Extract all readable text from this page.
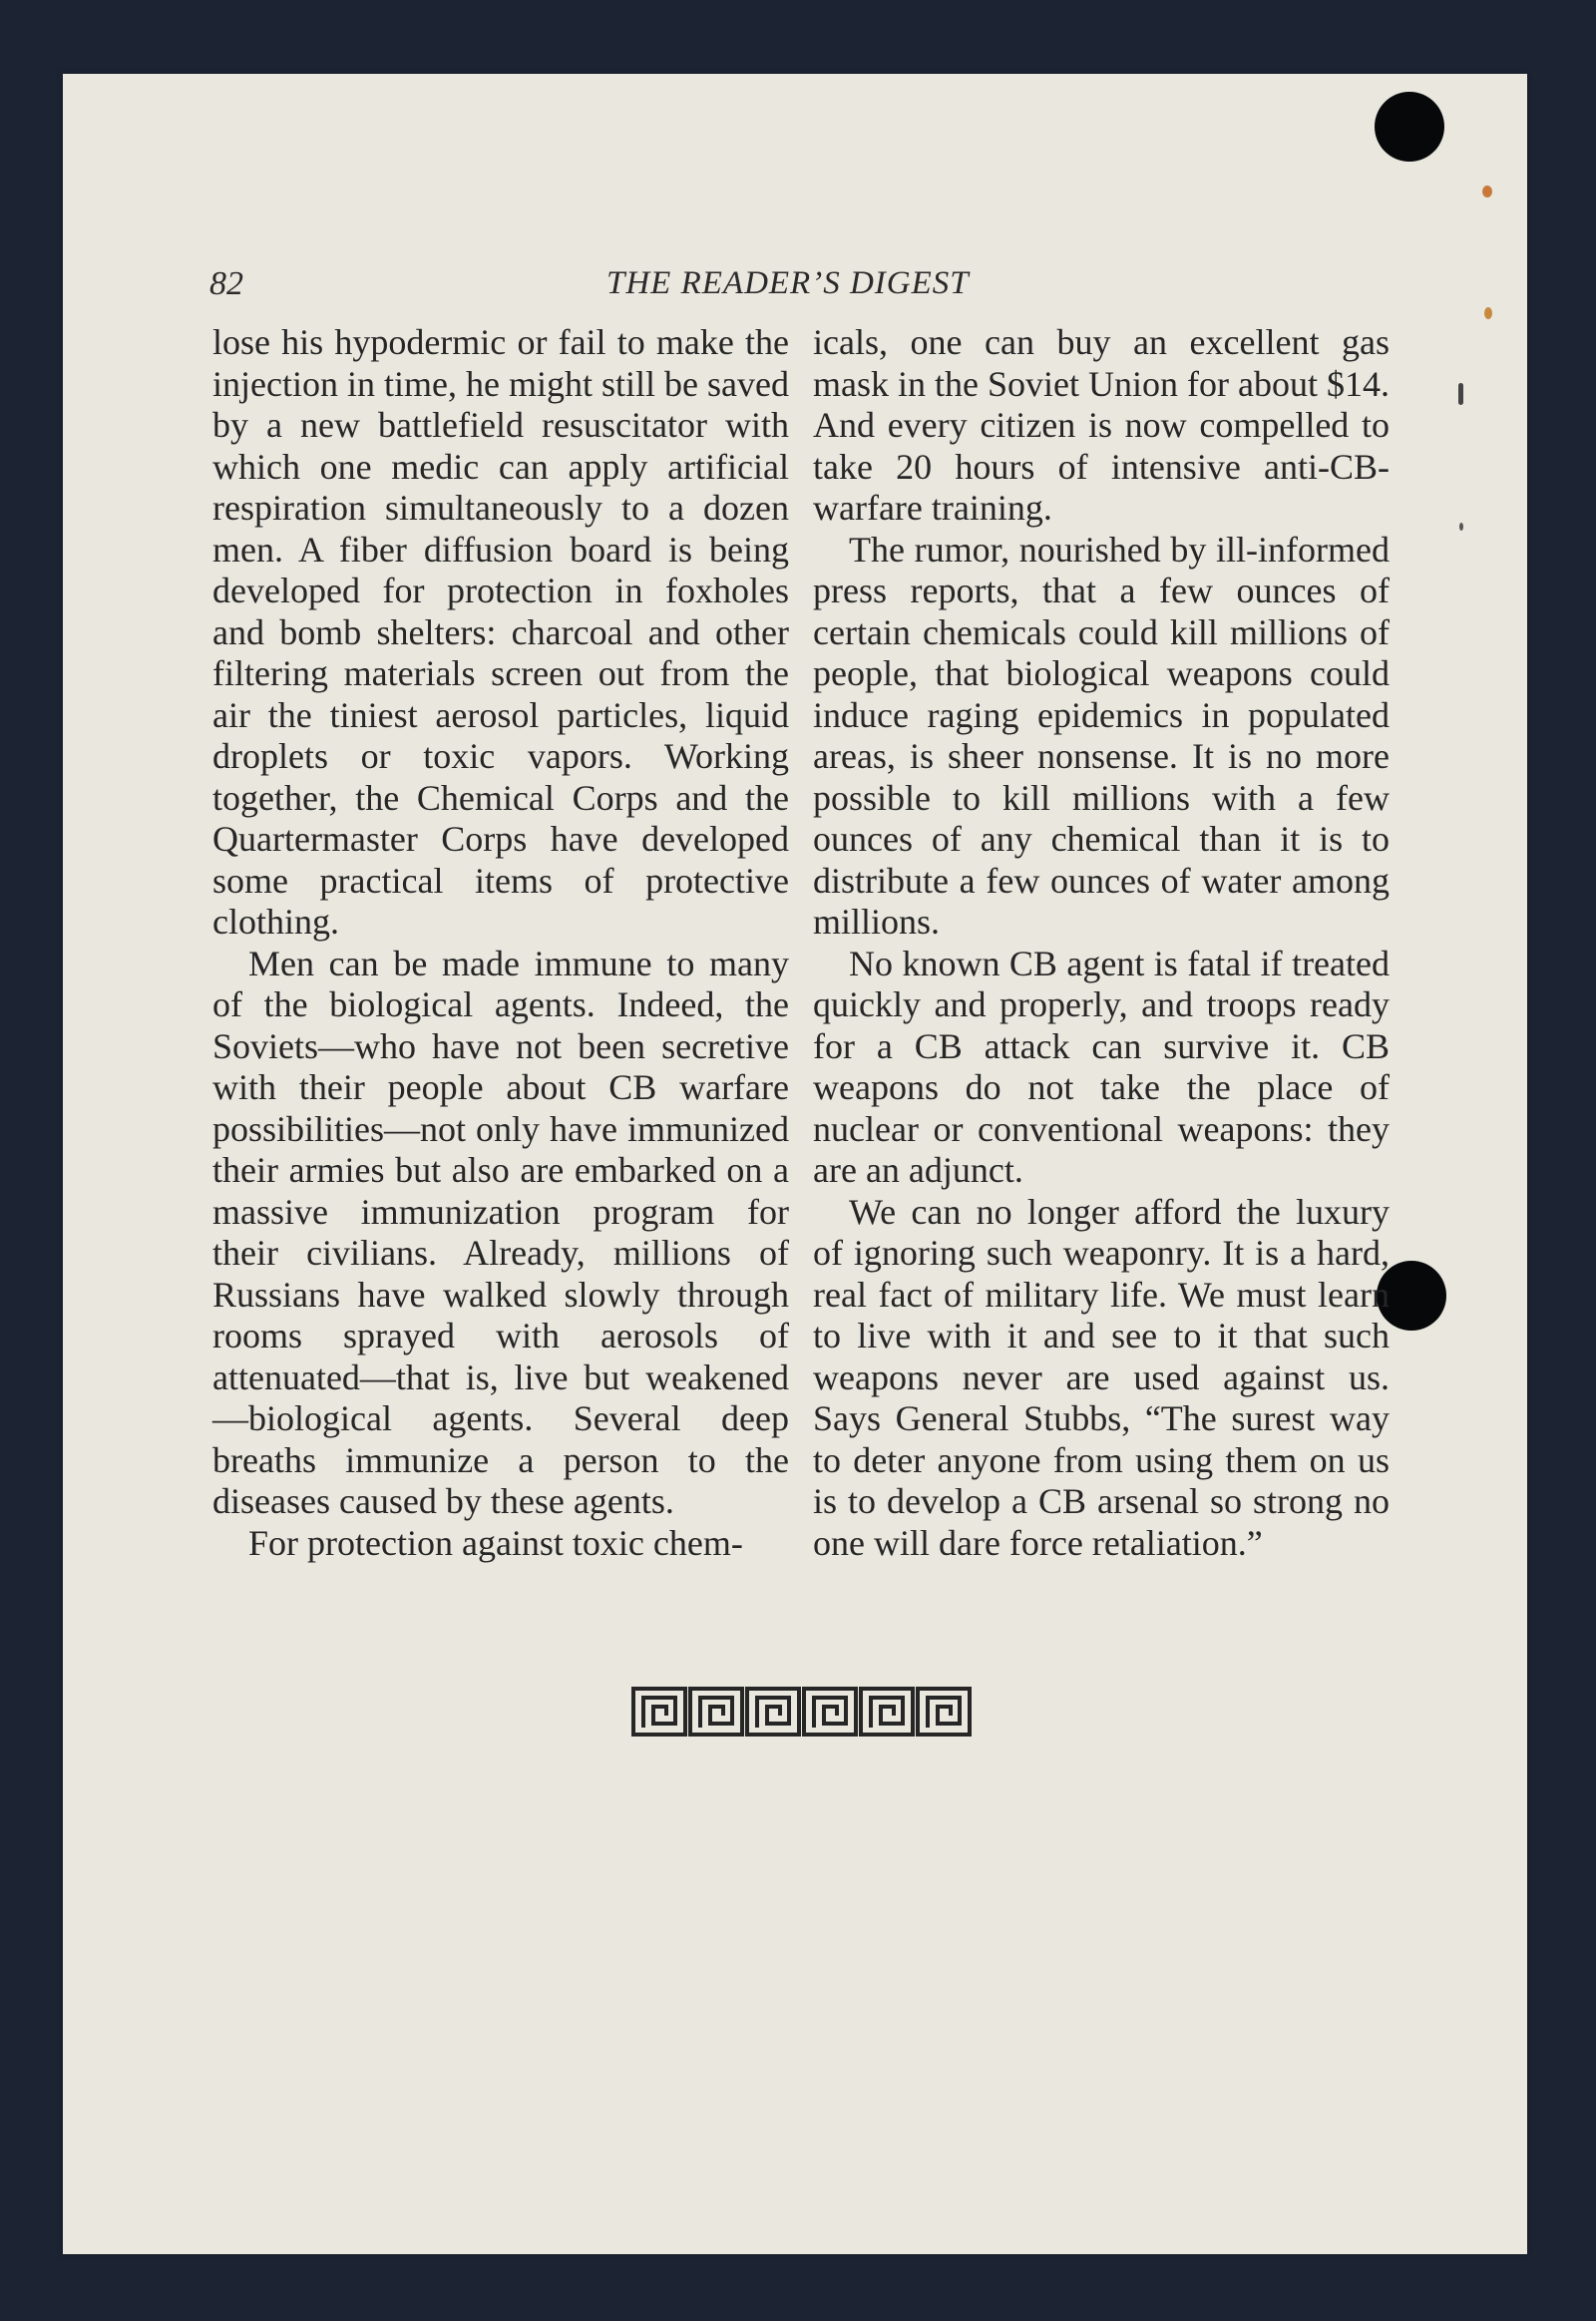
82	THE READER’S DIGEST

lose his hypodermic or fail to make the injection in time, he might still be saved by a new battlefield resuscitator with which one medic can apply artificial respiration simultaneously to a dozen men. A fiber diffusion board is being developed for protection in foxholes and bomb shelters: charcoal and other filtering materials screen out from the air the tiniest aerosol particles, liquid droplets or toxic vapors. Working together, the Chemical Corps and the Quartermaster Corps have developed some practical items of protective clothing.

Men can be made immune to many of the biological agents. Indeed, the Soviets—who have not been secretive with their people about CB warfare possibilities—not only have immunized their armies but also are embarked on a massive immunization program for their civilians. Already, millions of Russians have walked slowly through rooms sprayed with aerosols of attenuated—that is, live but weakened—biological agents. Several deep breaths immunize a person to the diseases caused by these agents.

For protection against toxic chem-

icals, one can buy an excellent gas mask in the Soviet Union for about $14. And every citizen is now compelled to take 20 hours of intensive anti-CB-warfare training.

The rumor, nourished by ill-informed press reports, that a few ounces of certain chemicals could kill millions of people, that biological weapons could induce raging epidemics in populated areas, is sheer nonsense. It is no more possible to kill millions with a few ounces of any chemical than it is to distribute a few ounces of water among millions.

No known CB agent is fatal if treated quickly and properly, and troops ready for a CB attack can survive it. CB weapons do not take the place of nuclear or conventional weapons: they are an adjunct.

We can no longer afford the luxury of ignoring such weaponry. It is a hard, real fact of military life. We must learn to live with it and see to it that such weapons never are used against us. Says General Stubbs, “The surest way to deter anyone from using them on us is to develop a CB arsenal so strong no one will dare force retaliation.”
